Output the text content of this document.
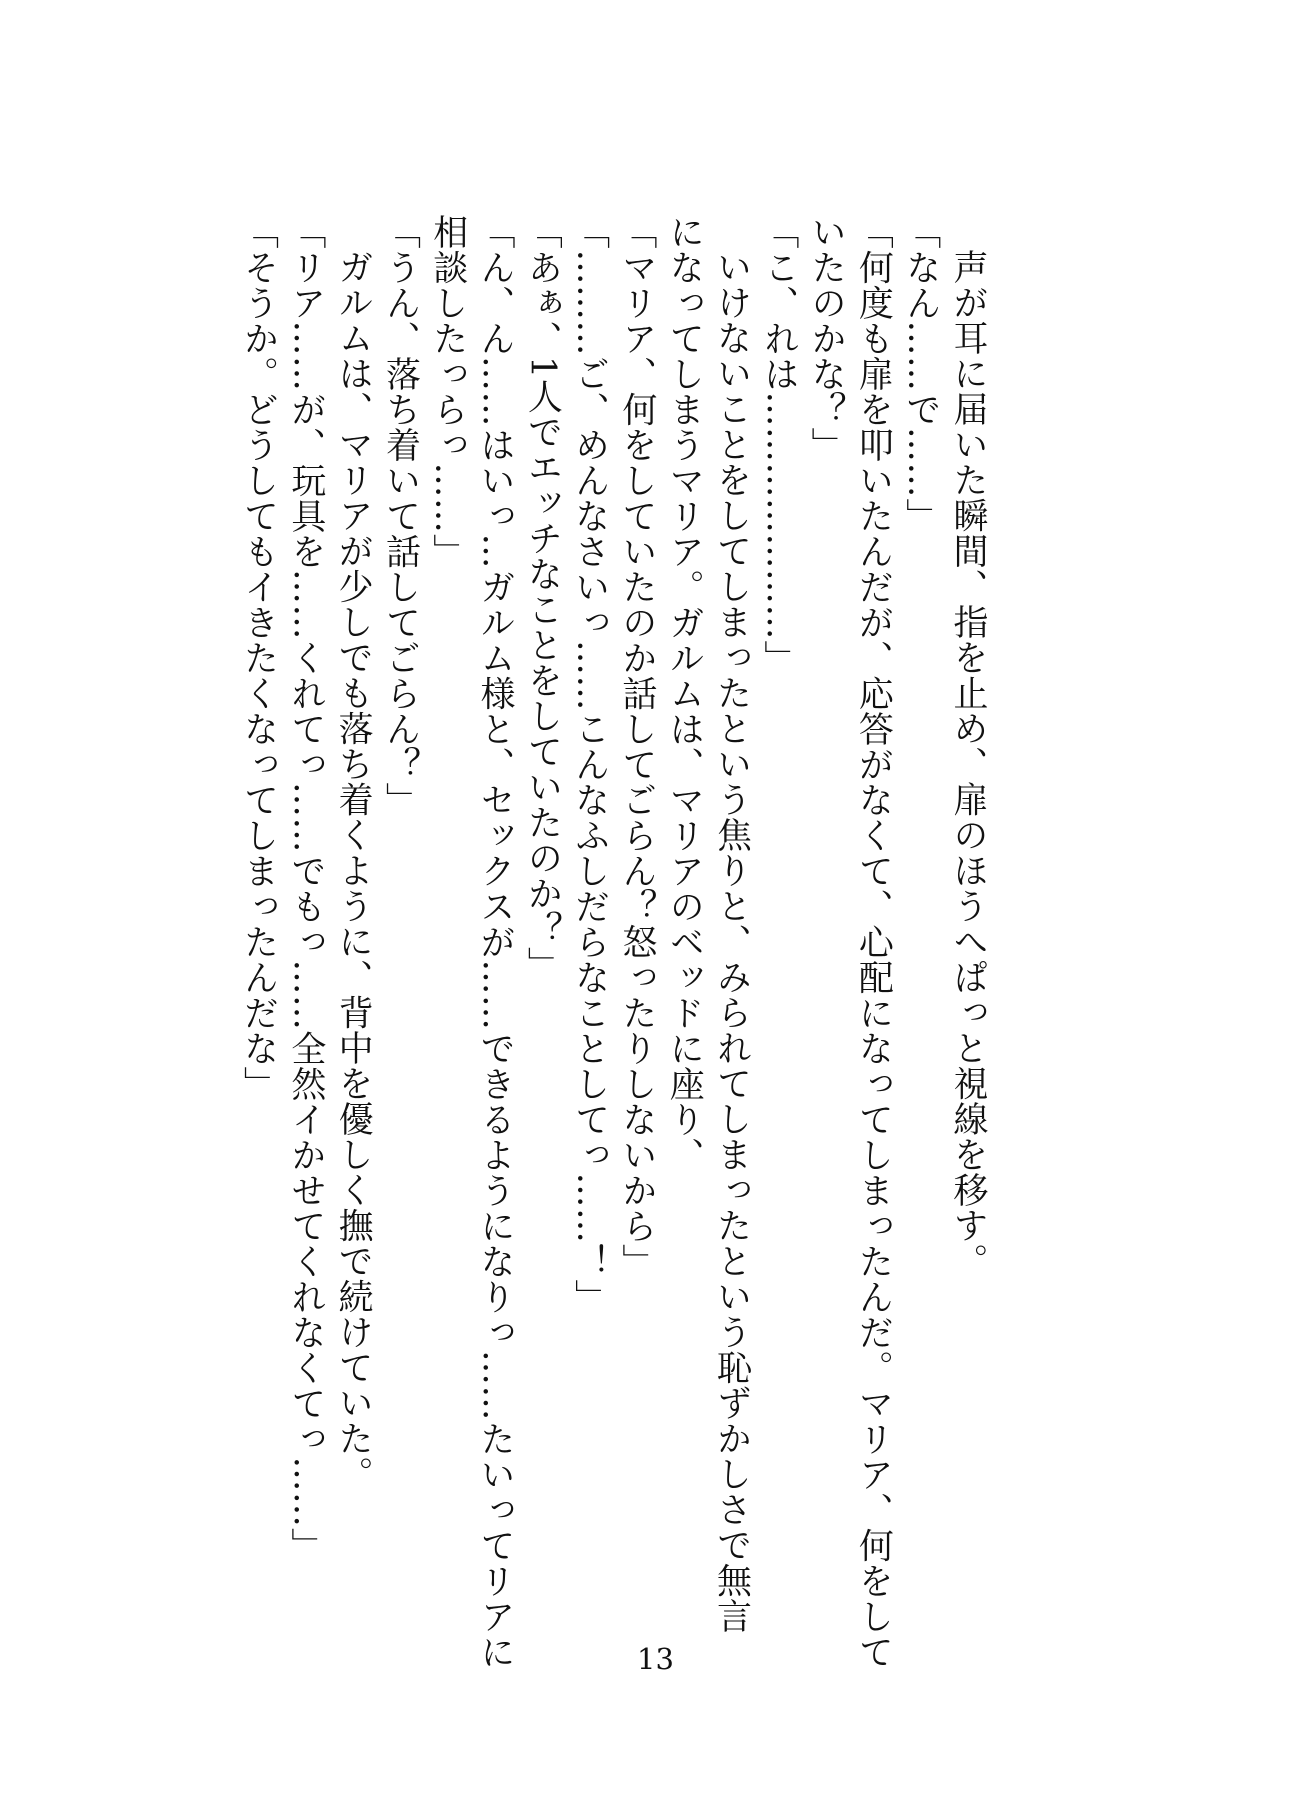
声が耳に届いた瞬間、指を止め、扉のほうへぱっと視線を移す。
「なん……で……」
「何度も扉を叩いたんだが、応答がなくて、心配になってしまったんだ。マリア、何をして
いたのかな？」
「こ、れは…………………」
いけないことをしてしまったという焦りと、みられてしまったという恥ずかしさで無言
になってしまうマリア。ガルムは、マリアのベッドに座り、
「マリア、何をしていたのか話してごらん？怒ったりしないから」
「………ご、めんなさいっ……こんなふしだらなことしてっ……！」
「あぁ、1人でエッチなことをしていたのか？」
「ん、ん……はいっ…ガルム様と、セックスが……できるようになりっ……たいってリアに
相談したっらっ……」
「うん、落ち着いて話してごらん？」
ガルムは、マリアが少しでも落ち着くように、背中を優しく撫で続けていた。
「リア……が、玩具を……くれてっ……でもっ……全然イかせてくれなくてっ……」
「そうか。どうしてもイきたくなってしまったんだな」
13
